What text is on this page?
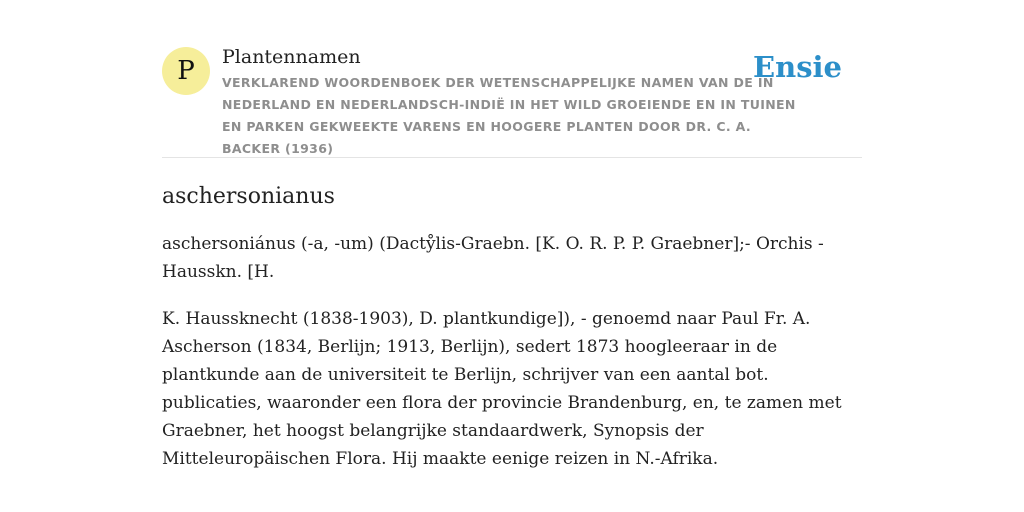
P	Plantennamen
VERKLAREND WOORDENBOEK DER WETENSCHAPPELIJKE NAMEN VAN DE IN NEDERLAND EN NEDERLANDSCH-INDIË IN HET WILD GROEIENDE EN IN TUINEN EN PARKEN GEKWEEKTE VARENS EN HOOGERE PLANTEN DOOR DR. C. A. BACKER (1936)
Ensie
aschersonianus

aschersoniánus (-a, -um) (Dactẙlis-Graebn. [K. O. R. P. P. Graebner];- Orchis -Hausskn. [H.

K. Haussknecht (1838-1903), D. plantkundige]), - genoemd naar Paul Fr. A. Ascherson (1834, Berlijn; 1913, Berlijn), sedert 1873 hoogleeraar in de plantkunde aan de universiteit te Berlijn, schrijver van een aantal bot. publicaties, waaronder een flora der provincie Brandenburg, en, te zamen met Graebner, het hoogst belangrijke standaardwerk, Synopsis der Mitteleuropäischen Flora. Hij maakte eenige reizen in N.-Afrika.
